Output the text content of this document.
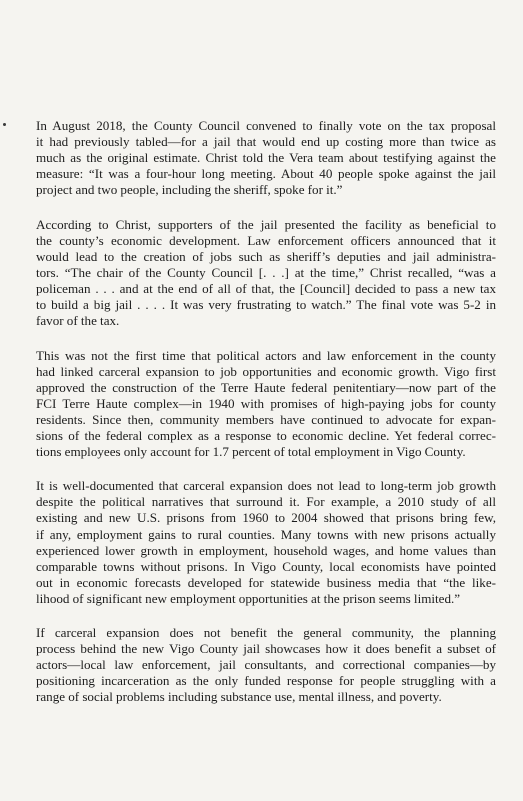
In August 2018, the County Council convened to finally vote on the tax proposal
it had previously tabled—for a jail that would end up costing more than twice as
much as the original estimate. Christ told the Vera team about testifying against the
measure: “It was a four-hour long meeting. About 40 people spoke against the jail
project and two people, including the sheriff, spoke for it.”

According to Christ, supporters of the jail presented the facility as beneficial to
the county’s economic development. Law enforcement officers announced that it
would lead to the creation of jobs such as sheriff’s deputies and jail administra-
tors. “The chair of the County Council [. . .] at the time,” Christ recalled, “was a
policeman . . . and at the end of all of that, the [Council] decided to pass a new tax
to build a big jail . . . . It was very frustrating to watch.” The final vote was 5-2 in
favor of the tax.

This was not the first time that political actors and law enforcement in the county
had linked carceral expansion to job opportunities and economic growth. Vigo first
approved the construction of the Terre Haute federal penitentiary—now part of the
FCI Terre Haute complex—in 1940 with promises of high-paying jobs for county
residents. Since then, community members have continued to advocate for expan-
sions of the federal complex as a response to economic decline. Yet federal correc-
tions employees only account for 1.7 percent of total employment in Vigo County.

It is well-documented that carceral expansion does not lead to long-term job growth
despite the political narratives that surround it. For example, a 2010 study of all
existing and new U.S. prisons from 1960 to 2004 showed that prisons bring few,
if any, employment gains to rural counties. Many towns with new prisons actually
experienced lower growth in employment, household wages, and home values than
comparable towns without prisons. In Vigo County, local economists have pointed
out in economic forecasts developed for statewide business media that “the like-
lihood of significant new employment opportunities at the prison seems limited.”

If carceral expansion does not benefit the general community, the planning
process behind the new Vigo County jail showcases how it does benefit a subset of
actors—local law enforcement, jail consultants, and correctional companies—by
positioning incarceration as the only funded response for people struggling with a
range of social problems including substance use, mental illness, and poverty.
